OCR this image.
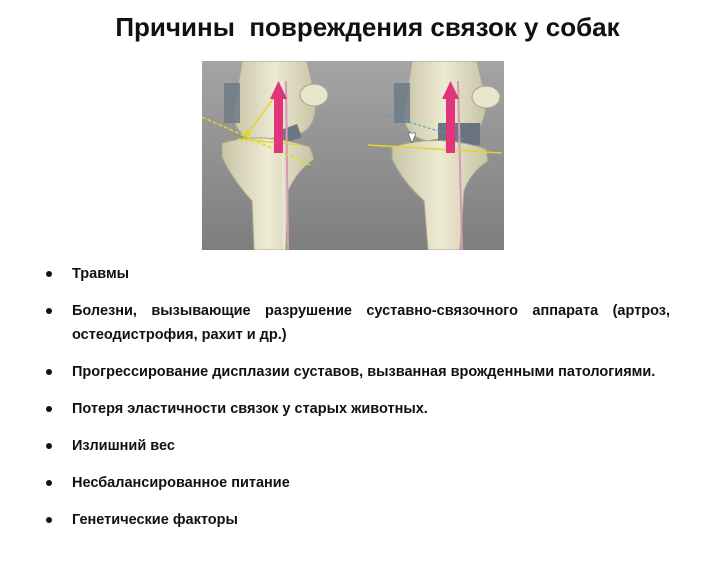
Причины  повреждения связок у собак
Травмы
Болезни, вызывающие разрушение суставно-связочного аппарата (артроз, остеодистрофия, рахит и др.)
Прогрессирование дисплазии суставов, вызванная врожденными патологиями.
Потеря эластичности связок у старых животных.
Излишний вес
Несбалансированное питание
Генетические факторы
